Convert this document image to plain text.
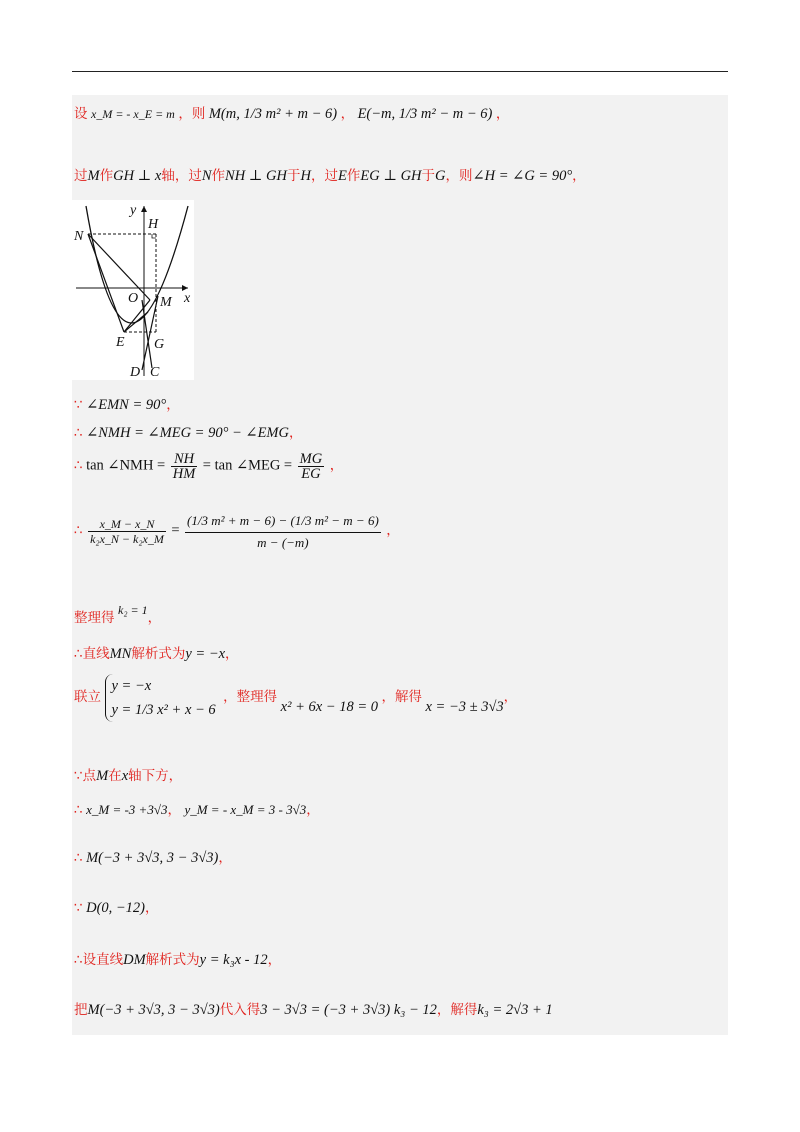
设 x_M = - x_E = m ，则 M(m, 1/3 m² + m − 6) ， E(−m, 1/3 m² − m − 6) ，
过M作GH ⊥ x轴，过N作NH ⊥ GH于H，过E作EG ⊥ GH于G，则∠H = ∠G = 90°，
y
H
N
O M x
E G
D C
∵ ∠EMN = 90°，
∴ ∠NMH = ∠MEG = 90° − ∠EMG，
∴ tan ∠NMH = $\frac{NH}{HM} = \tan$ ∠MEG = $\frac{MG}{EG}$ ，
∴ $\frac{x\_M - x\_N}{\text{k₂x\_N − k₂x\_M}} = \frac{\text{(1/3 m² + m − 6) − (1/3 m² − m − 6)}}{m - (-m)}$ ，
整理得 k₂ = 1，
∴直线MN解析式为y = −x，
联立
y = −x
y = 1/3 x² + x − 6
，整理得 x² + 6x − 18 = 0 ，解得 x = −3 ± 3√3，
∵点M在x轴下方，
∴ x_M = -3 +3√3， y_M = - x_M = 3 - 3√3，
∴ M(−3 + 3√3, 3 − 3√3)，
∵ D(0, −12)，
∴设直线DM解析式为y = k₃x - 12，
把M(−3 + 3√3, 3 − 3√3)代入得3 − 3√3 = (−3 + 3√3) k₃ − 12，解得k₃ = 2√3 + 1
